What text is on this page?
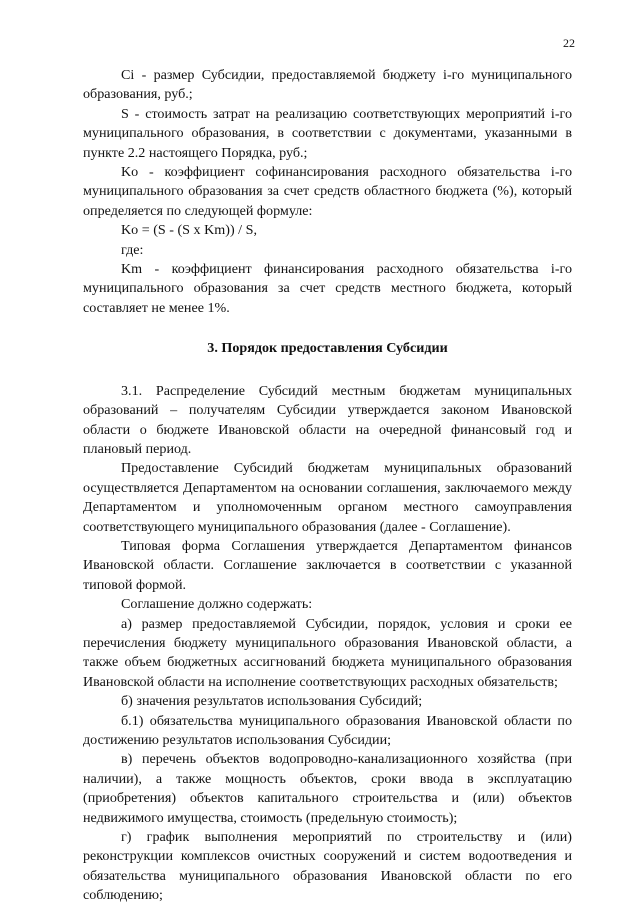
22

Ci - размер Субсидии, предоставляемой бюджету i-го муниципального образования, руб.;

S - стоимость затрат на реализацию соответствующих мероприятий i-го муниципального образования, в соответствии с документами, указанными в пункте 2.2 настоящего Порядка, руб.;

Ko - коэффициент софинансирования расходного обязательства i-го муниципального образования за счет средств областного бюджета (%), который определяется по следующей формуле:

Ko = (S - (S x Km)) / S,

где:

Km - коэффициент финансирования расходного обязательства i-го муниципального образования за счет средств местного бюджета, который составляет не менее 1%.

3. Порядок предоставления Субсидии

3.1. Распределение Субсидий местным бюджетам муниципальных образований – получателям Субсидии утверждается законом Ивановской области о бюджете Ивановской области на очередной финансовый год и плановый период.

Предоставление Субсидий бюджетам муниципальных образований осуществляется Департаментом на основании соглашения, заключаемого между Департаментом и уполномоченным органом местного самоуправления соответствующего муниципального образования (далее - Соглашение).

Типовая форма Соглашения утверждается Департаментом финансов Ивановской области. Соглашение заключается в соответствии с указанной типовой формой.

Соглашение должно содержать:

а) размер предоставляемой Субсидии, порядок, условия и сроки ее перечисления бюджету муниципального образования Ивановской области, а также объем бюджетных ассигнований бюджета муниципального образования Ивановской области на исполнение соответствующих расходных обязательств;

б) значения результатов использования Субсидий;

б.1) обязательства муниципального образования Ивановской области по достижению результатов использования Субсидии;

в) перечень объектов водопроводно-канализационного хозяйства (при наличии), а также мощность объектов, сроки ввода в эксплуатацию (приобретения) объектов капитального строительства и (или) объектов недвижимого имущества, стоимость (предельную стоимость);

г) график выполнения мероприятий по строительству и (или) реконструкции комплексов очистных сооружений и систем водоотведения и обязательства муниципального образования Ивановской области по его соблюдению;
